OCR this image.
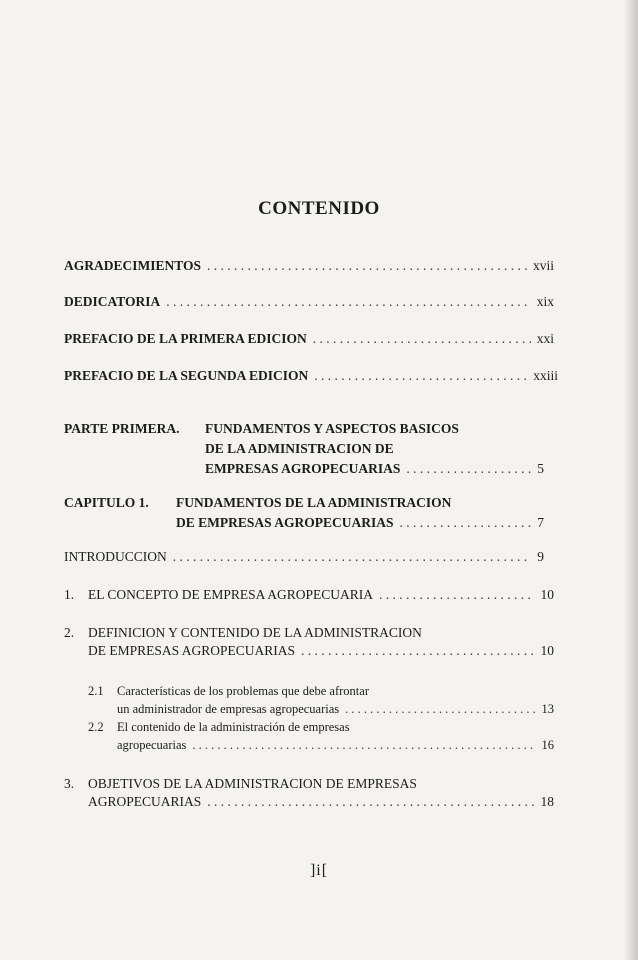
CONTENIDO
AGRADECIMIENTOS . . .	xvii
DEDICATORIA . . .	xix
PREFACIO DE LA PRIMERA EDICION . . .	xxi
PREFACIO DE LA SEGUNDA EDICION . . .	xxiii
PARTE PRIMERA. FUNDAMENTOS Y ASPECTOS BASICOS
DE LA ADMINISTRACION DE
EMPRESAS AGROPECUARIAS . . .	5
CAPITULO 1. FUNDAMENTOS DE LA ADMINISTRACION
DE EMPRESAS AGROPECUARIAS . . .	7
INTRODUCCION . . .	9
1. EL CONCEPTO DE EMPRESA AGROPECUARIA . . .	10
2. DEFINICION Y CONTENIDO DE LA ADMINISTRACION
DE EMPRESAS AGROPECUARIAS . . .	10
2.1 Características de los problemas que debe afrontar
un administrador de empresas agropecuarias . . .	13
2.2 El contenido de la administración de empresas
agropecuarias . . .	16
3. OBJETIVOS DE LA ADMINISTRACION DE EMPRESAS
AGROPECUARIAS . . .	18
]i[
